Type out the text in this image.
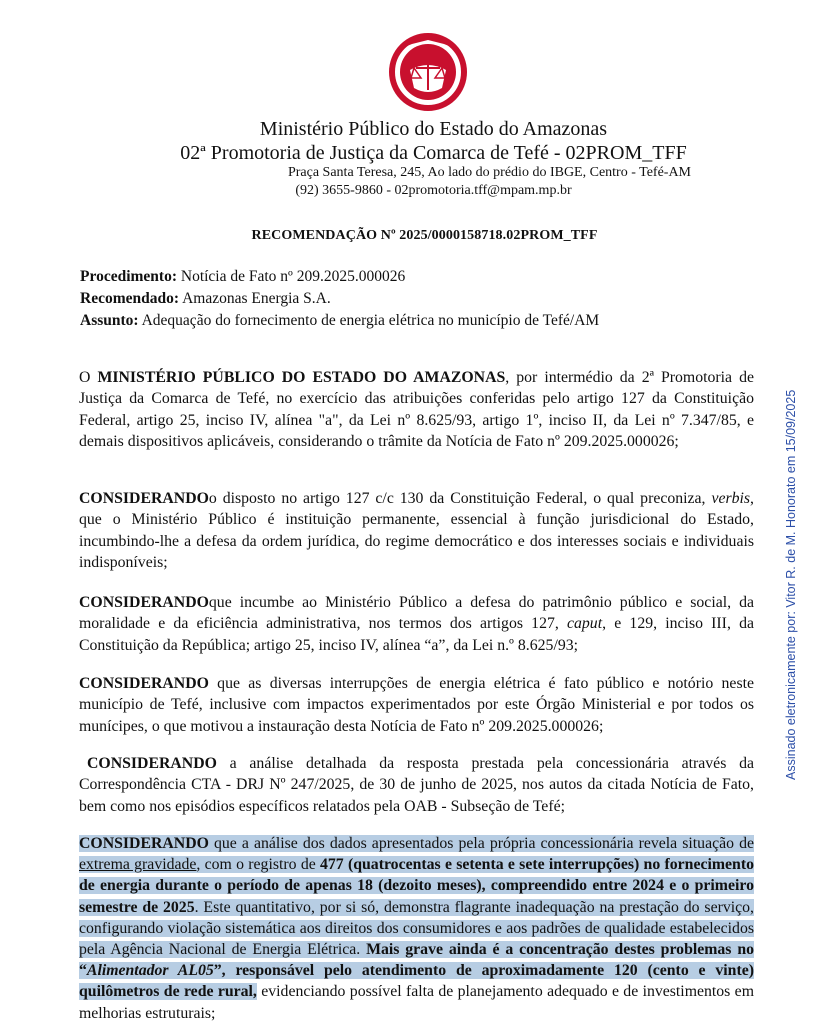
Ministério Público do Estado do Amazonas
02ª Promotoria de Justiça da Comarca de Tefé - 02PROM_TFF
Praça Santa Teresa, 245, Ao lado do prédio do IBGE, Centro - Tefé-AM
(92) 3655-9860 - 02promotoria.tff@mpam.mp.br
RECOMENDAÇÃO Nº 2025/0000158718.02PROM_TFF
Procedimento: Notícia de Fato nº 209.2025.000026
Recomendado: Amazonas Energia S.A.
Assunto: Adequação do fornecimento de energia elétrica no município de Tefé/AM

O MINISTÉRIO PÚBLICO DO ESTADO DO AMAZONAS, por intermédio da 2ª Promotoria de Justiça da Comarca de Tefé, no exercício das atribuições conferidas pelo artigo 127 da Constituição Federal, artigo 25, inciso IV, alínea "a", da Lei nº 8.625/93, artigo 1º, inciso II, da Lei nº 7.347/85, e demais dispositivos aplicáveis, considerando o trâmite da Notícia de Fato nº 209.2025.000026;

CONSIDERANDOo disposto no artigo 127 c/c 130 da Constituição Federal, o qual preconiza, verbis, que o Ministério Público é instituição permanente, essencial à função jurisdicional do Estado, incumbindo-lhe a defesa da ordem jurídica, do regime democrático e dos interesses sociais e individuais indisponíveis;

CONSIDERANDOque incumbe ao Ministério Público a defesa do patrimônio público e social, da moralidade e da eficiência administrativa, nos termos dos artigos 127, caput, e 129, inciso III, da Constituição da República; artigo 25, inciso IV, alínea “a”, da Lei n.º 8.625/93;

CONSIDERANDO que as diversas interrupções de energia elétrica é fato público e notório neste município de Tefé, inclusive com impactos experimentados por este Órgão Ministerial e por todos os munícipes, o que motivou a instauração desta Notícia de Fato nº 209.2025.000026;

CONSIDERANDO a análise detalhada da resposta prestada pela concessionária através da Correspondência CTA - DRJ Nº 247/2025, de 30 de junho de 2025, nos autos da citada Notícia de Fato, bem como nos episódios específicos relatados pela OAB - Subseção de Tefé;

CONSIDERANDO que a análise dos dados apresentados pela própria concessionária revela situação de extrema gravidade, com o registro de 477 (quatrocentas e setenta e sete interrupções) no fornecimento de energia durante o período de apenas 18 (dezoito meses), compreendido entre 2024 e o primeiro semestre de 2025. Este quantitativo, por si só, demonstra flagrante inadequação na prestação do serviço, configurando violação sistemática aos direitos dos consumidores e aos padrões de qualidade estabelecidos pela Agência Nacional de Energia Elétrica. Mais grave ainda é a concentração destes problemas no “Alimentador AL05”, responsável pelo atendimento de aproximadamente 120 (cento e vinte) quilômetros de rede rural, evidenciando possível falta de planejamento adequado e de investimentos em melhorias estruturais;

Assinado eletronicamente por: Vitor R. de M. Honorato em 15/09/2025
